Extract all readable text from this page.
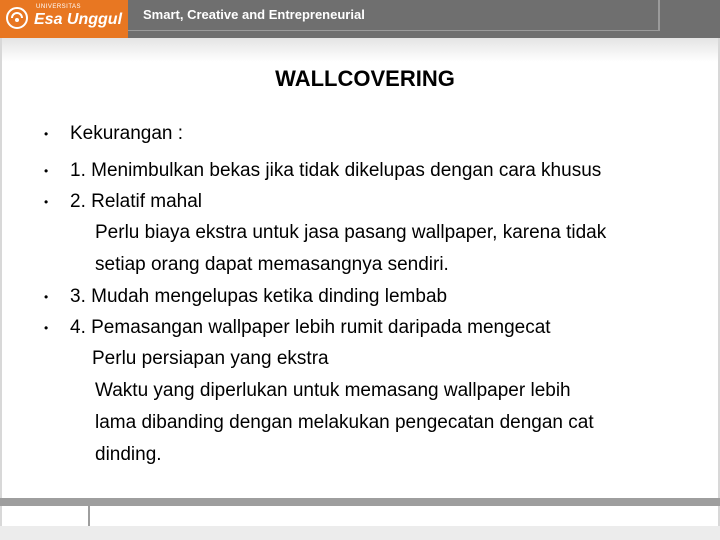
UNIVERSITAS
Esa Unggul Smart, Creative and Entrepreneurial
WALLCOVERING
• Kekurangan :
• 1. Menimbulkan bekas jika tidak dikelupas dengan cara khusus
• 2. Relatif mahal
Perlu biaya ekstra untuk jasa pasang wallpaper, karena tidak
setiap orang dapat memasangnya sendiri.
• 3. Mudah mengelupas ketika dinding lembab
• 4. Pemasangan wallpaper lebih rumit daripada mengecat
Perlu persiapan yang ekstra
Waktu yang diperlukan untuk memasang wallpaper lebih
lama dibanding dengan melakukan pengecatan dengan cat
dinding.
